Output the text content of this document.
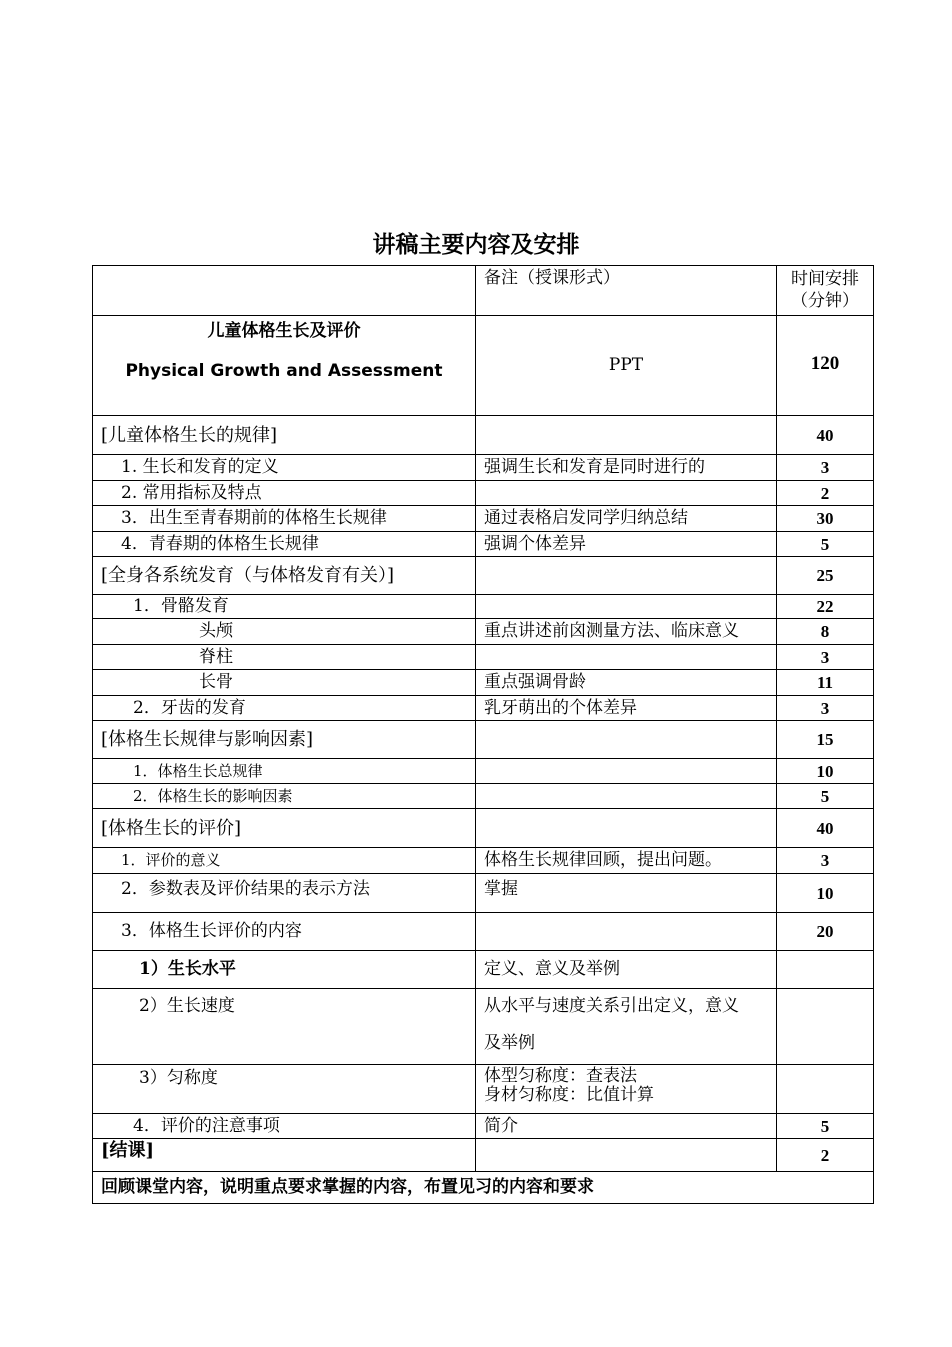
讲稿主要内容及安排
	备注（授课形式）	时间安排
（分钟）

儿童体格生长及评价
Physical Growth and Assessment	PPT	120
[儿童体格生长的规律]		40
1. 生长和发育的定义	强调生长和发育是同时进行的	3
2. 常用指标及特点		2
3．出生至青春期前的体格生长规律	通过表格启发同学归纳总结	30
4．青春期的体格生长规律	强调个体差异	5
[全身各系统发育（与体格发育有关）]		25
1．骨骼发育		22
头颅	重点讲述前囟测量方法、临床意义	8
脊柱		3
长骨	重点强调骨龄	11
2．牙齿的发育	乳牙萌出的个体差异	3
[体格生长规律与影响因素]		15
1．体格生长总规律		10
2．体格生长的影响因素		5
[体格生长的评价]		40
1．评价的意义	体格生长规律回顾，提出问题。	3
2．参数表及评价结果的表示方法	掌握	10
3．体格生长评价的内容		20
1）生长水平	定义、意义及举例	
2）生长速度	从水平与速度关系引出定义，意义
及举例	

3）匀称度	体型匀称度：查表法
身材匀称度：比值计算	

4．评价的注意事项	简介	5
[结课]		2
回顾课堂内容，说明重点要求掌握的内容，布置见习的内容和要求		
